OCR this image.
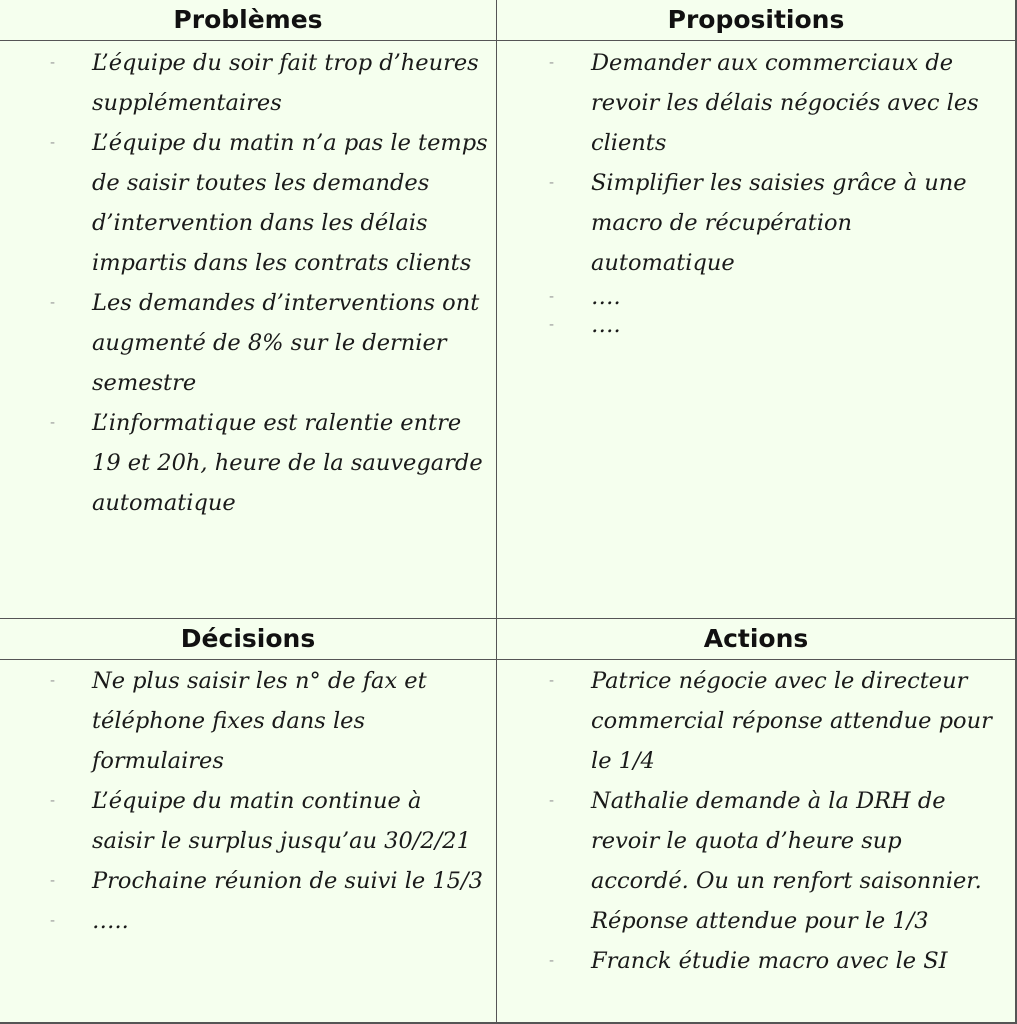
Problèmes	Propositions
Décisions	Actions
- L’équipe du soir fait trop d’heures supplémentaires
- L’équipe du matin n’a pas le temps de saisir toutes les demandes d’intervention dans les délais impartis dans les contrats clients
- Les demandes d’interventions ont augmenté de 8% sur le dernier semestre
- L’informatique est ralentie entre 19 et 20h, heure de la sauvegarde automatique
- Demander aux commerciaux de revoir les délais négociés avec les clients
- Simplifier les saisies grâce à une macro de récupération automatique
- ….
- ….
- Ne plus saisir les n° de fax et téléphone fixes dans les formulaires
- L’équipe du matin continue à saisir le surplus jusqu’au 30/2/21
- Prochaine réunion de suivi le 15/3
- …..
- Patrice négocie avec le directeur commercial réponse attendue pour le 1/4
- Nathalie demande à la DRH de revoir le quota d’heure sup accordé. Ou un renfort saisonnier. Réponse attendue pour le 1/3
- Franck étudie macro avec le SI
